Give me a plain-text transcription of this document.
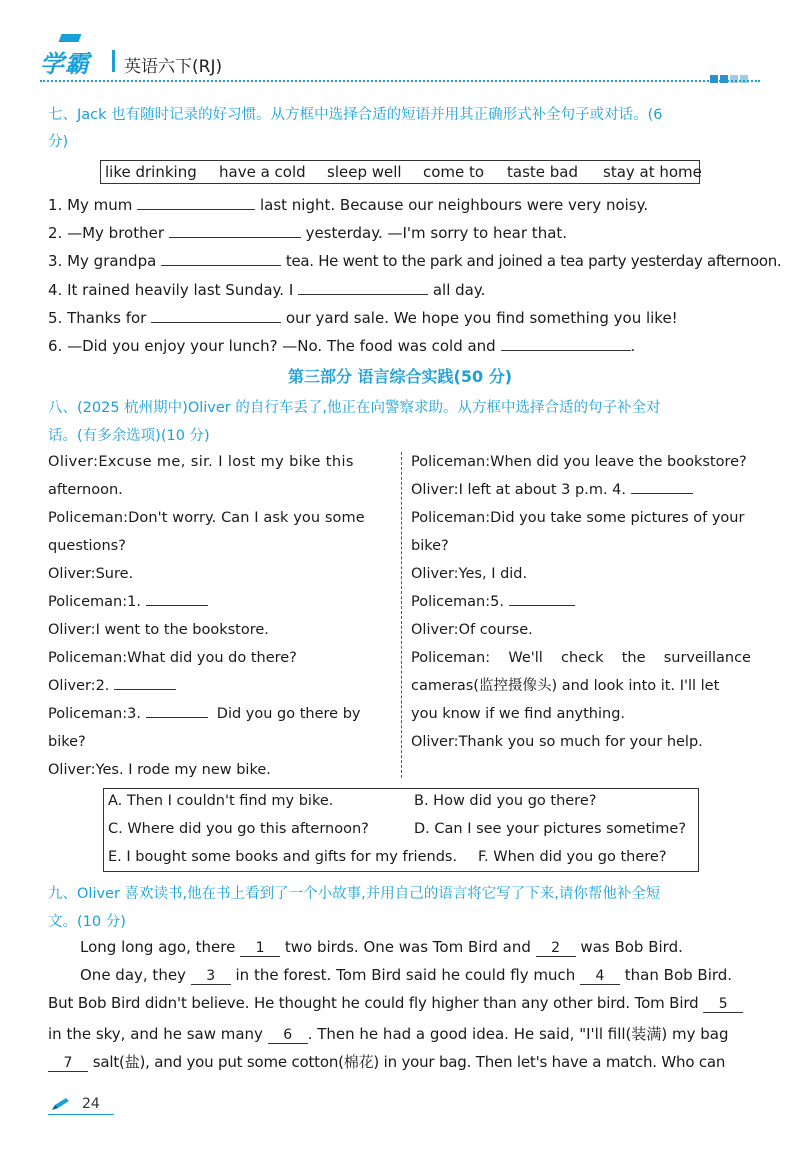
学霸 英语六下(RJ)
七、Jack 也有随时记录的好习惯。从方框中选择合适的短语并用其正确形式补全句子或对话。(6
分)
like drinking have a cold sleep well come to taste bad stay at home
1. My mum	last night. Because our neighbours were very noisy.
2. —My brother	yesterday. —I'm sorry to hear that.
3. My grandpa	tea. He went to the park and joined a tea party yesterday afternoon.
4. It rained heavily last Sunday. I	all day.
5. Thanks for	our yard sale. We hope you find something you like!
6. —Did you enjoy your lunch? —No. The food was cold and	.
第三部分 语言综合实践(50 分)
八、(2025 杭州期中)Oliver 的自行车丢了,他正在向警察求助。从方框中选择合适的句子补全对
话。(有多余选项)(10 分)
Oliver:Excuse me, sir. I lost my bike this
afternoon.
Policeman:Don't worry. Can I ask you some
questions?
Oliver:Sure.
Policeman:1.
Oliver:I went to the bookstore.
Policeman:What did you do there?
Oliver:2.
Policeman:3.	Did you go there by
bike?
Oliver:Yes. I rode my new bike.
Policeman:When did you leave the bookstore?
Oliver:I left at about 3 p.m. 4.
Policeman:Did you take some pictures of your
bike?
Oliver:Yes, I did.
Policeman:5.
Oliver:Of course.
Policeman: We'll check the surveillance
cameras(监控摄像头) and look into it. I'll let
you know if we find anything.
Oliver:Thank you so much for your help.
A. Then I couldn't find my bike.	B. How did you go there?
C. Where did you go this afternoon?	D. Can I see your pictures sometime?
E. I bought some books and gifts for my friends. F. When did you go there?
九、Oliver 喜欢读书,他在书上看到了一个小故事,并用自己的语言将它写了下来,请你帮他补全短
文。(10 分)
Long long ago, there 1 two birds. One was Tom Bird and 2 was Bob Bird.
One day, they 3 in the forest. Tom Bird said he could fly much 4 than Bob Bird.
But Bob Bird didn't believe. He thought he could fly higher than any other bird. Tom Bird 5
in the sky, and he saw many 6 . Then he had a good idea. He said, "I'll fill(装满) my bag
7 salt(盐), and you put some cotton(棉花) in your bag. Then let's have a match. Who can
24
